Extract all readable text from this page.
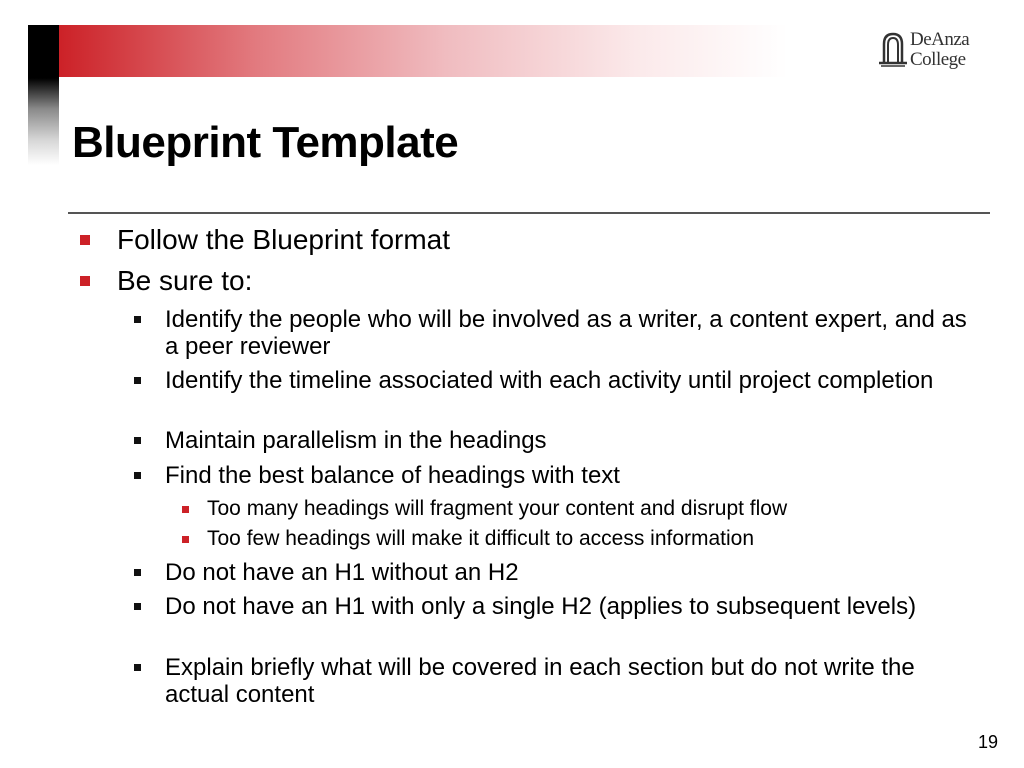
DeAnza
College
Blueprint Template
Follow the Blueprint format
Be sure to:
Identify the people who will be involved as a writer, a content expert, and as a peer reviewer
Identify the timeline associated with each activity until project completion
Maintain parallelism in the headings
Find the best balance of headings with text
Too many headings will fragment your content and disrupt flow
Too few headings will make it difficult to access information
Do not have an H1 without an H2
Do not have an H1 with only a single H2 (applies to subsequent levels)
Explain briefly what will be covered in each section but do not write the actual content
19
